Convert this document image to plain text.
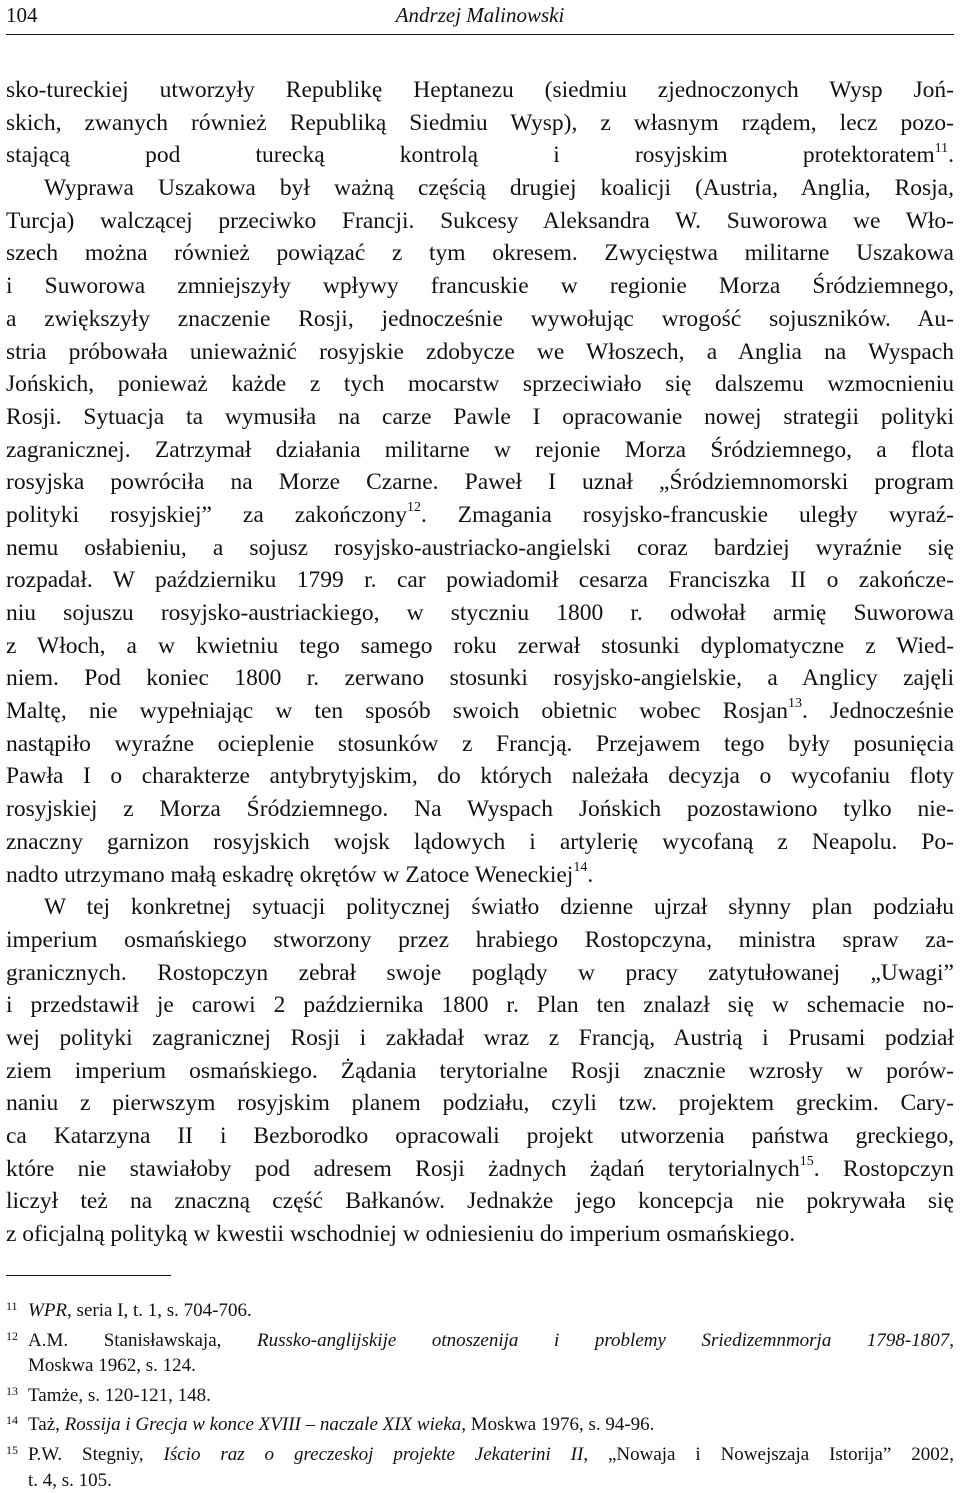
104	Andrzej Malinowski
sko-tureckiej utworzyły Republikę Heptanezu (siedmiu zjednoczonych Wysp Joń-
skich, zwanych również Republiką Siedmiu Wysp), z własnym rządem, lecz pozo-
stającą pod turecką kontrolą i rosyjskim protektoratem$^{11}$.
Wyprawa Uszakowa był ważną częścią drugiej koalicji (Austria, Anglia, Rosja,
Turcja) walczącej przeciwko Francji. Sukcesy Aleksandra W. Suworowa we Wło-
szech można również powiązać z tym okresem. Zwycięstwa militarne Uszakowa
i Suworowa zmniejszyły wpływy francuskie w regionie Morza Śródziemnego,
a zwiększyły znaczenie Rosji, jednocześnie wywołując wrogość sojuszników. Au-
stria próbowała unieważnić rosyjskie zdobycze we Włoszech, a Anglia na Wyspach
Jońskich, ponieważ każde z tych mocarstw sprzeciwiało się dalszemu wzmocnieniu
Rosji. Sytuacja ta wymusiła na carze Pawle I opracowanie nowej strategii polityki
zagranicznej. Zatrzymał działania militarne w rejonie Morza Śródziemnego, a flota
rosyjska powróciła na Morze Czarne. Paweł I uznał „Śródziemnomorski program
polityki rosyjskiej” za zakończony$^{12}$. Zmagania rosyjsko-francuskie uległy wyraź-
nemu osłabieniu, a sojusz rosyjsko-austriacko-angielski coraz bardziej wyraźnie się
rozpadał. W październiku 1799 r. car powiadomił cesarza Franciszka II o zakończe-
niu sojuszu rosyjsko-austriackiego, w styczniu 1800 r. odwołał armię Suworowa
z Włoch, a w kwietniu tego samego roku zerwał stosunki dyplomatyczne z Wied-
niem. Pod koniec 1800 r. zerwano stosunki rosyjsko-angielskie, a Anglicy zajęli
Maltę, nie wypełniając w ten sposób swoich obietnic wobec Rosjan$^{13}$. Jednocześnie
nastąpiło wyraźne ocieplenie stosunków z Francją. Przejawem tego były posunięcia
Pawła I o charakterze antybrytyjskim, do których należała decyzja o wycofaniu floty
rosyjskiej z Morza Śródziemnego. Na Wyspach Jońskich pozostawiono tylko nie-
znaczny garnizon rosyjskich wojsk lądowych i artylerię wycofaną z Neapolu. Po-
nadto utrzymano małą eskadrę okrętów w Zatoce Weneckiej$^{14}$.
W tej konkretnej sytuacji politycznej światło dzienne ujrzał słynny plan podziału
imperium osmańskiego stworzony przez hrabiego Rostopczyna, ministra spraw za-
granicznych. Rostopczyn zebrał swoje poglądy w pracy zatytułowanej „Uwagi”
i przedstawił je carowi 2 października 1800 r. Plan ten znalazł się w schemacie no-
wej polityki zagranicznej Rosji i zakładał wraz z Francją, Austrią i Prusami podział
ziem imperium osmańskiego. Żądania terytorialne Rosji znacznie wzrosły w porów-
naniu z pierwszym rosyjskim planem podziału, czyli tzw. projektem greckim. Cary-
ca Katarzyna II i Bezborodko opracowali projekt utworzenia państwa greckiego,
które nie stawiałoby pod adresem Rosji żadnych żądań terytorialnych$^{15}$. Rostopczyn
liczył też na znaczną część Bałkanów. Jednakże jego koncepcja nie pokrywała się
z oficjalną polityką w kwestii wschodniej w odniesieniu do imperium osmańskiego.
11 WPR, seria I, t. 1, s. 704-706.
12 A.M. Stanisławskaja, Russko-anglijskije otnoszenija i problemy Sriedizemnmorja 1798-1807,
Moskwa 1962, s. 124.
13 Tamże, s. 120-121, 148.
14 Taż, Rossija i Grecja w konce XVIII – naczale XIX wieka, Moskwa 1976, s. 94-96.
15 P.W. Stegniy, Iścio raz o greczeskoj projekte Jekaterini II, „Nowaja i Nowejszaja Istorija” 2002,
t. 4, s. 105.
